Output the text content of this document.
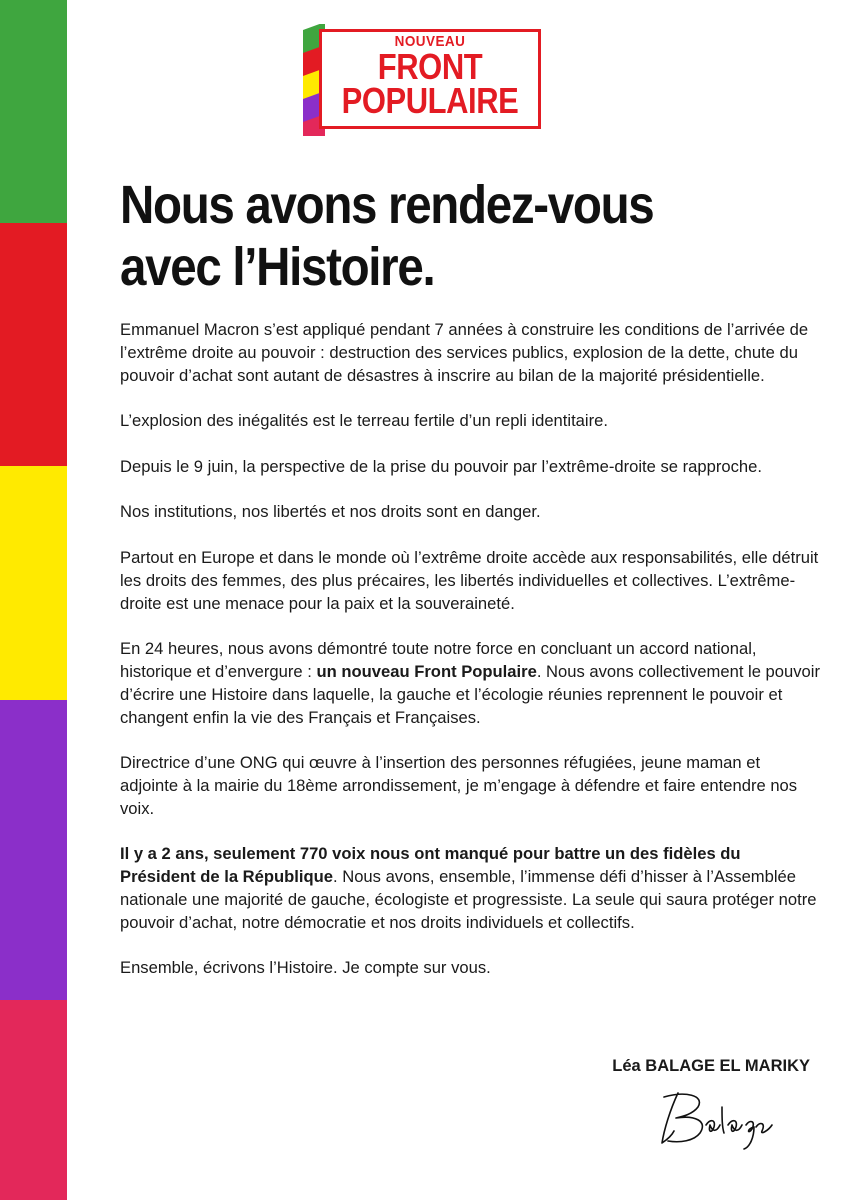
NOUVEAU
FRONT
POPULAIRE
Nous avons rendez-vous
avec l’Histoire.

Emmanuel Macron s’est appliqué pendant 7 années à construire les conditions de l’arrivée de l’extrême droite au pouvoir : destruction des services publics, explosion de la dette, chute du pouvoir d’achat sont autant de désastres à inscrire au bilan de la majorité présidentielle.

L’explosion des inégalités est le terreau fertile d’un repli identitaire.

Depuis le 9 juin, la perspective de la prise du pouvoir par l’extrême-droite se rapproche.

Nos institutions, nos libertés et nos droits sont en danger.

Partout en Europe et dans le monde où l’extrême droite accède aux responsabilités, elle détruit les droits des femmes, des plus précaires, les libertés individuelles et collectives. L’extrême-droite est une menace pour la paix et la souveraineté.

En 24 heures, nous avons démontré toute notre force en concluant un accord national, historique et d’envergure : un nouveau Front Populaire. Nous avons collectivement le pouvoir d’écrire une Histoire dans laquelle, la gauche et l’écologie réunies reprennent le pouvoir et changent enfin la vie des Français et Françaises.

Directrice d’une ONG qui œuvre à l’insertion des personnes réfugiées, jeune maman et adjointe à la mairie du 18ème arrondissement, je m’engage à défendre et faire entendre nos voix.

Il y a 2 ans, seulement 770 voix nous ont manqué pour battre un des fidèles du Président de la République. Nous avons, ensemble, l’immense défi d’hisser à l’Assemblée nationale une majorité de gauche, écologiste et progressiste. La seule qui saura protéger notre pouvoir d’achat, notre démocratie et nos droits individuels et collectifs.

Ensemble, écrivons l’Histoire. Je compte sur vous.

Léa BALAGE EL MARIKY
